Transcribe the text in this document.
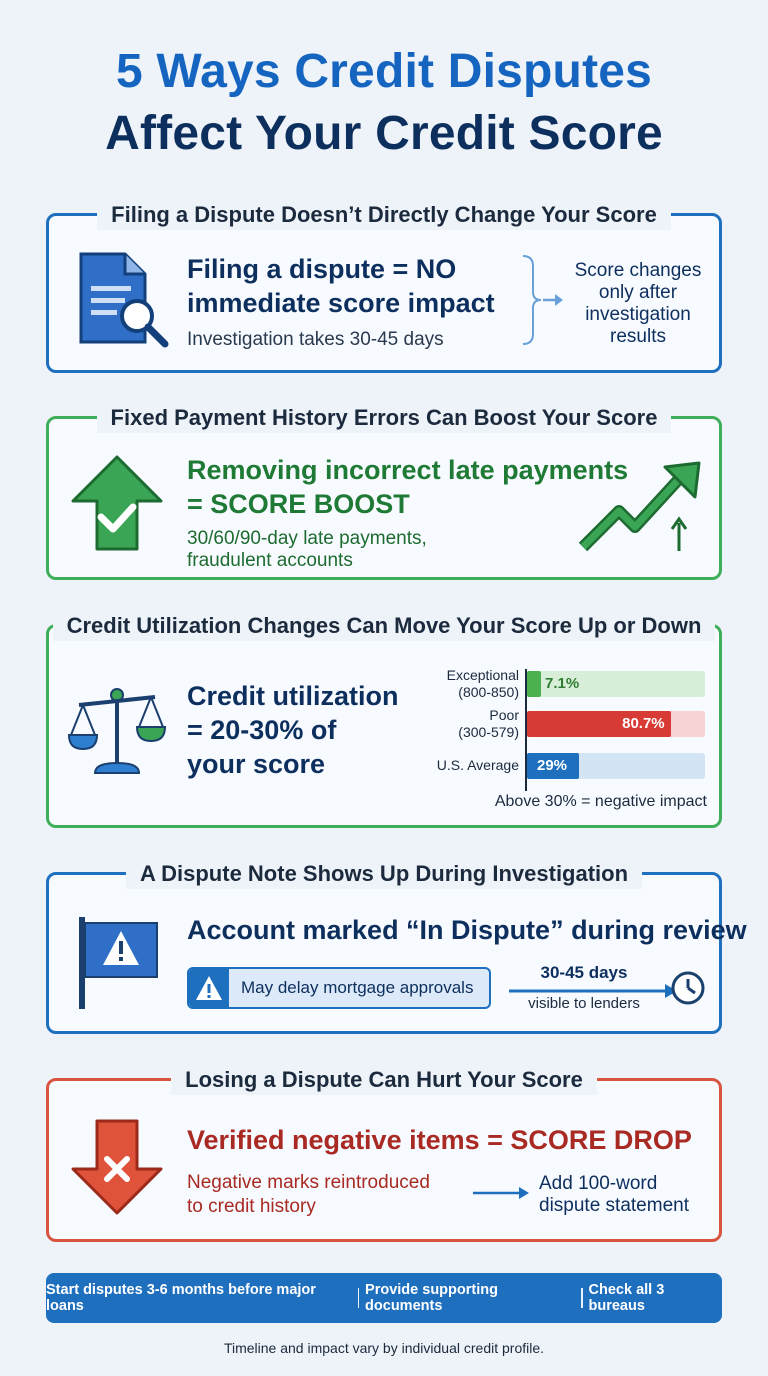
5 Ways Credit Disputes
Affect Your Credit Score
Filing a Dispute Doesn’t Directly Change Your Score
Filing a dispute = NO
immediate score impact
Investigation takes 30-45 days
Score changes
only after
investigation
results
Fixed Payment History Errors Can Boost Your Score
Removing incorrect late payments
= SCORE BOOST
30/60/90-day late payments,
fraudulent accounts
Credit Utilization Changes Can Move Your Score Up or Down
Credit utilization
= 20-30% of
your score
Above 30% = negative impact
Exceptional
(800-850) 7.1%
Poor
(300-579)	80.7%
U.S. Average 29%
A Dispute Note Shows Up During Investigation
Account marked “In Dispute” during review
May delay mortgage approvals
30-45 days
visible to lenders
Losing a Dispute Can Hurt Your Score
Verified negative items = SCORE DROP
Negative marks reintroduced
to credit history
Add 100-word
dispute statement
Start disputes 3-6 months before major loans
Provide supporting documents
Check all 3 bureaus
Timeline and impact vary by individual credit profile.
